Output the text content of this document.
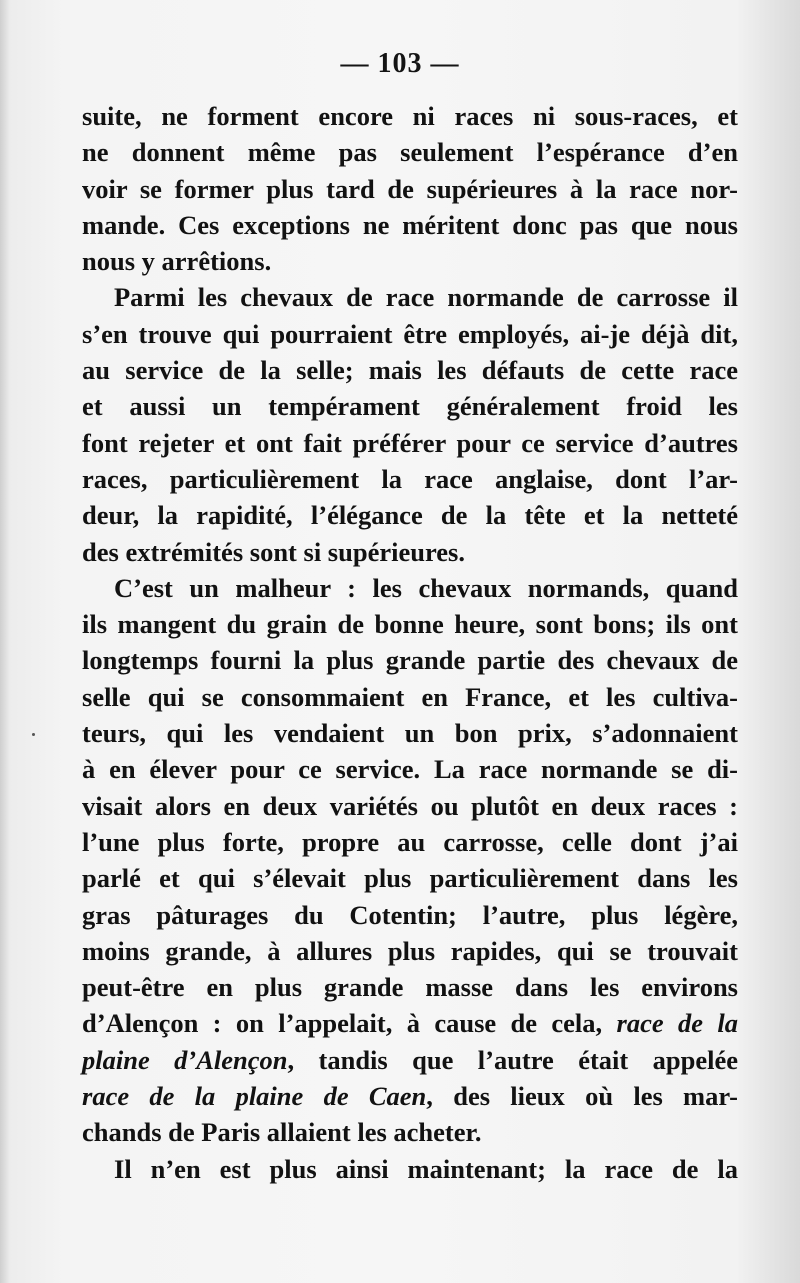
— 103 —
suite, ne forment encore ni races ni sous-races, et
ne donnent même pas seulement l’espérance d’en
voir se former plus tard de supérieures à la race nor-
mande. Ces exceptions ne méritent donc pas que nous
nous y arrêtions.
Parmi les chevaux de race normande de carrosse il
s’en trouve qui pourraient être employés, ai-je déjà dit,
au service de la selle; mais les défauts de cette race
et aussi un tempérament généralement froid les
font rejeter et ont fait préférer pour ce service d’autres
races, particulièrement la race anglaise, dont l’ar-
deur, la rapidité, l’élégance de la tête et la netteté
des extrémités sont si supérieures.
C’est un malheur : les chevaux normands, quand
ils mangent du grain de bonne heure, sont bons; ils ont
longtemps fourni la plus grande partie des chevaux de
selle qui se consommaient en France, et les cultiva-
teurs, qui les vendaient un bon prix, s’adonnaient
à en élever pour ce service. La race normande se di-
visait alors en deux variétés ou plutôt en deux races :
l’une plus forte, propre au carrosse, celle dont j’ai
parlé et qui s’élevait plus particulièrement dans les
gras pâturages du Cotentin; l’autre, plus légère,
moins grande, à allures plus rapides, qui se trouvait
peut-être en plus grande masse dans les environs
d’Alençon : on l’appelait, à cause de cela, race de la
plaine d’Alençon, tandis que l’autre était appelée
race de la plaine de Caen, des lieux où les mar-
chands de Paris allaient les acheter.
Il n’en est plus ainsi maintenant; la race de la
